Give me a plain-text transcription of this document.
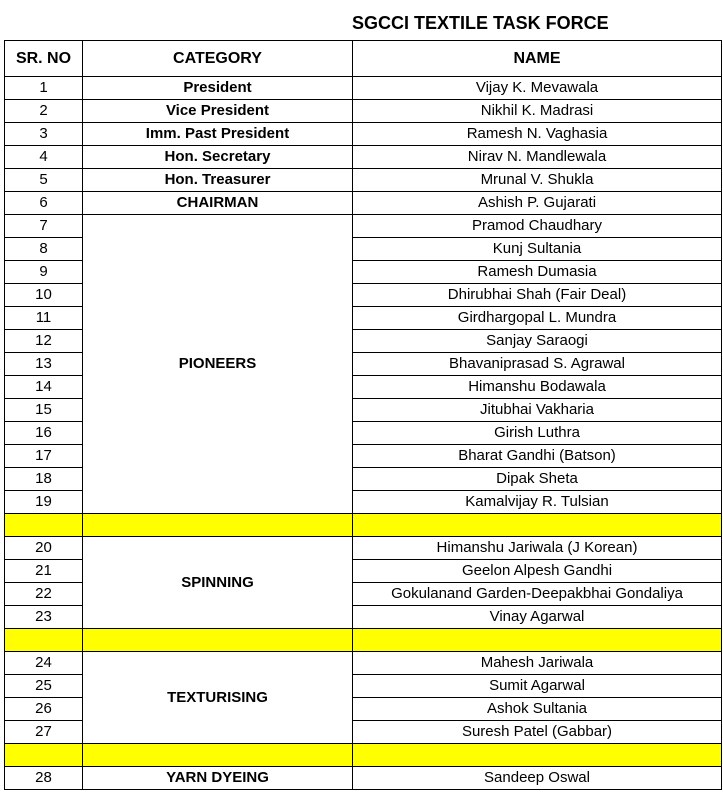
SGCCI TEXTILE TASK FORCE
SR. NO	CATEGORY	NAME
1	President	Vijay K. Mevawala
2	Vice President	Nikhil K. Madrasi
3	Imm. Past President	Ramesh N. Vaghasia
4	Hon. Secretary	Nirav N. Mandlewala
5	Hon. Treasurer	Mrunal V. Shukla
6	CHAIRMAN	Ashish P. Gujarati
7	PIONEERS	Pramod Chaudhary
8		Kunj Sultania
9		Ramesh Dumasia
10		Dhirubhai Shah (Fair Deal)
11		Girdhargopal L. Mundra
12		Sanjay Saraogi
13		Bhavaniprasad S. Agrawal
14		Himanshu Bodawala
15		Jitubhai Vakharia
16		Girish Luthra
17		Bharat Gandhi (Batson)
18		Dipak Sheta
19		Kamalvijay R. Tulsian

20	SPINNING	Himanshu Jariwala (J Korean)
21		Geelon Alpesh Gandhi
22		Gokulanand Garden-Deepakbhai Gondaliya
23		Vinay Agarwal

24	TEXTURISING	Mahesh Jariwala
25		Sumit Agarwal
26		Ashok Sultania
27		Suresh Patel (Gabbar)

28	YARN DYEING	Sandeep Oswal
